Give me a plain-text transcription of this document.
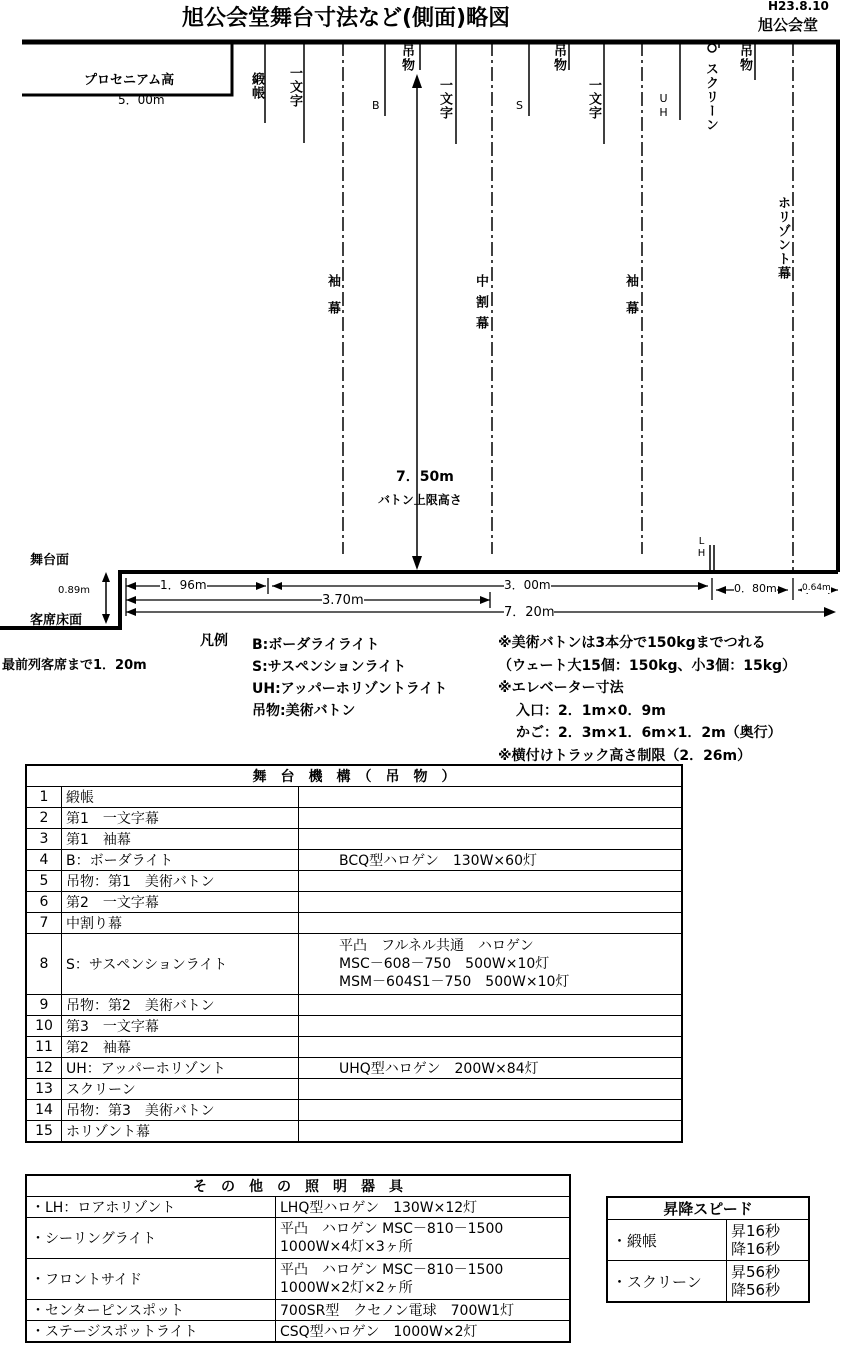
旭公会堂舞台寸法など(側面)略図	H23.8.10
旭公会堂
プロセニアム高
5．00m	緞帳 一文字	B
吊物
一文字	S
吊物
一文字	UH	スクリーン
吊物
ホリゾント幕
袖幕	中割幕	袖幕
7．50m
バトン上限高さ
LH
舞台面
0.89m
客席床面
最前列客席まで1．20m
1．96m
3.70m
3．00m	0．80m	0.64m
7．20m
凡例 B:ボーダライライト
S:サスペンションライト
UH:アッパーホリゾントライト
吊物:美術バトン
※美術バトンは3本分で150kgまでつれる
（ウェート大15個：150kg、小3個：15kg）
※エレベーター寸法
入口：2．1m×0．9m
かご：2．3m×1．6m×1．2m（奥行）
※横付けトラック高さ制限（2．26m）
舞　台　機　構　（　吊　物　）		
1	緞帳	
2	第1　一文字幕	
3	第1　袖幕	
4	B：ボーダライト	BCQ型ハロゲン　130W×60灯
5	吊物：第1　美術バトン	
6	第2　一文字幕	
7	中割り幕	
8	S：サスペンションライト	平凸　フルネル共通　ハロゲン
MSC－608－750　500W×10灯
MSM－604S1－750　500W×10灯

9	吊物：第2　美術バトン	
10	第3　一文字幕	
11	第2　袖幕	
12	UH：アッパーホリゾント	UHQ型ハロゲン　200W×84灯
13	スクリーン	
14	吊物：第3　美術バトン	
15	ホリゾント幕	
そ　の　他　の　照　明　器　具	
・LH：ロアホリゾント	LHQ型ハロゲン　130W×12灯
・シーリングライト	平凸　ハロゲン MSC－810－1500
1000W×4灯×3ヶ所

・フロントサイド	平凸　ハロゲン MSC－810－1500
1000W×2灯×2ヶ所

・センターピンスポット	700SR型　クセノン電球　700W1灯
・ステージスポットライト	CSQ型ハロゲン　1000W×2灯
昇降スピード	
・緞帳	昇16秒
降16秒

・スクリーン	昇56秒
降56秒
